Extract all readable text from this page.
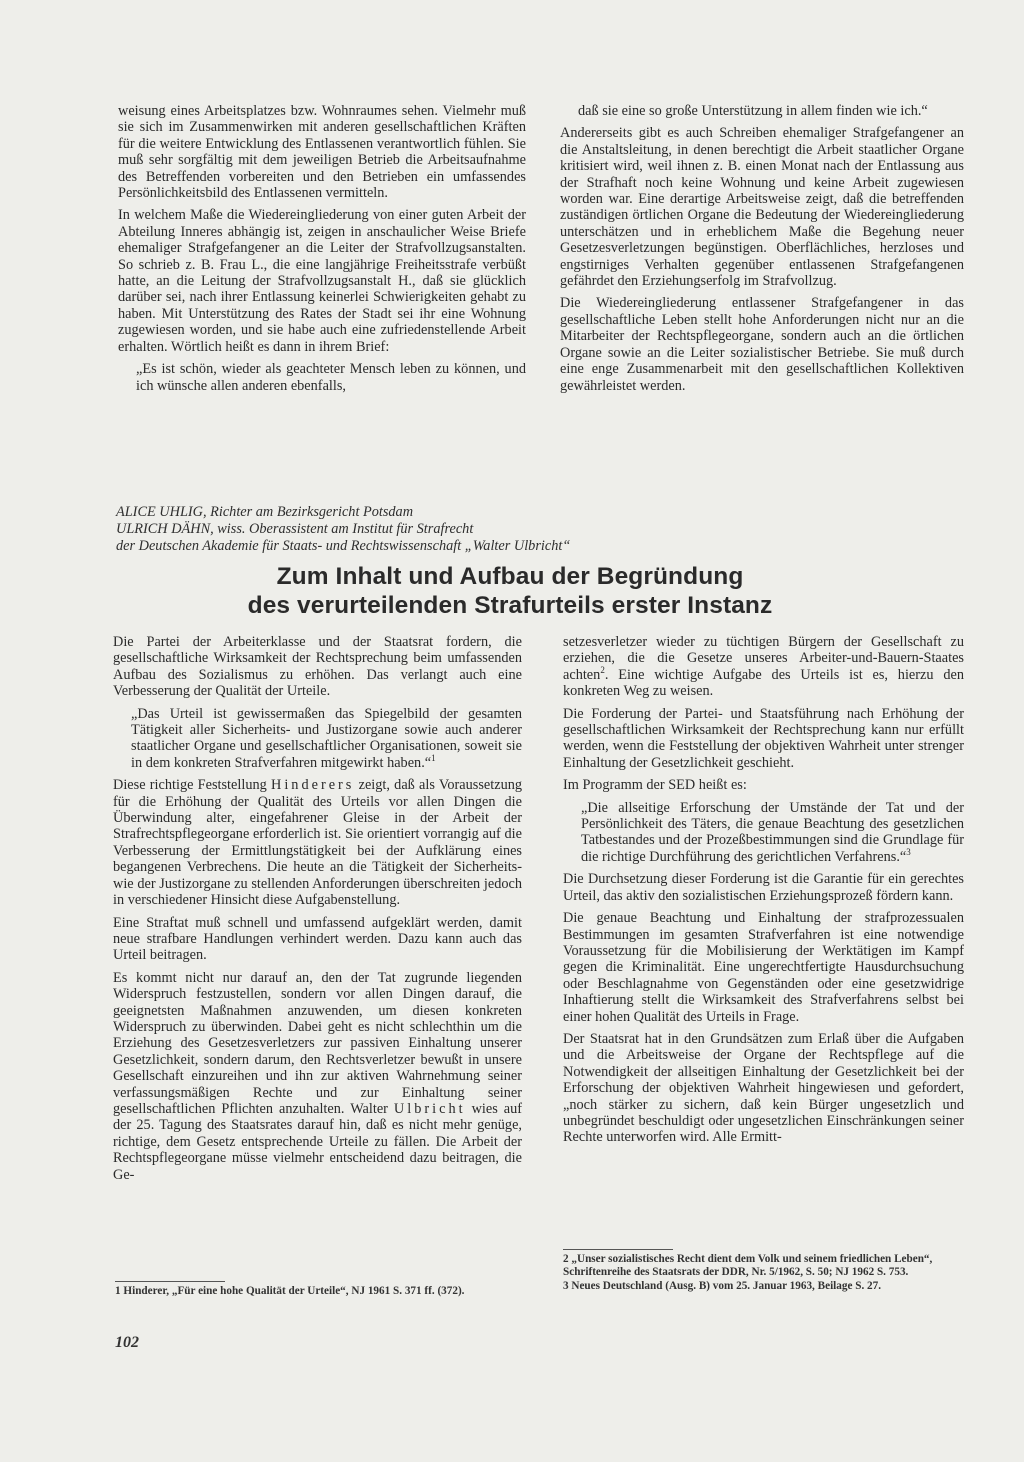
weisung eines Arbeitsplatzes bzw. Wohnraumes sehen. Vielmehr muß sie sich im Zusammenwirken mit anderen gesellschaftlichen Kräften für die weitere Entwicklung des Entlassenen verantwortlich fühlen. Sie muß sehr sorgfältig mit dem jeweiligen Betrieb die Arbeitsaufnahme des Betreffenden vorbereiten und den Betrieben ein umfassendes Persönlichkeitsbild des Entlassenen vermitteln.

In welchem Maße die Wiedereingliederung von einer guten Arbeit der Abteilung Inneres abhängig ist, zeigen in anschaulicher Weise Briefe ehemaliger Strafgefangener an die Leiter der Strafvollzugsanstalten. So schrieb z. B. Frau L., die eine langjährige Freiheitsstrafe verbüßt hatte, an die Leitung der Strafvollzugsanstalt H., daß sie glücklich darüber sei, nach ihrer Entlassung keinerlei Schwierigkeiten gehabt zu haben. Mit Unterstützung des Rates der Stadt sei ihr eine Wohnung zugewiesen worden, und sie habe auch eine zufriedenstellende Arbeit erhalten. Wörtlich heißt es dann in ihrem Brief:

„Es ist schön, wieder als geachteter Mensch leben zu können, und ich wünsche allen anderen ebenfalls,
daß sie eine so große Unterstützung in allem finden wie ich.“

Andererseits gibt es auch Schreiben ehemaliger Strafgefangener an die Anstaltsleitung, in denen berechtigt die Arbeit staatlicher Organe kritisiert wird, weil ihnen z. B. einen Monat nach der Entlassung aus der Strafhaft noch keine Wohnung und keine Arbeit zugewiesen worden war. Eine derartige Arbeitsweise zeigt, daß die betreffenden zuständigen örtlichen Organe die Bedeutung der Wiedereingliederung unterschätzen und in erheblichem Maße die Begehung neuer Gesetzesverletzungen begünstigen. Oberflächliches, herzloses und engstirniges Verhalten gegenüber entlassenen Strafgefangenen gefährdet den Erziehungserfolg im Strafvollzug.

Die Wiedereingliederung entlassener Strafgefangener in das gesellschaftliche Leben stellt hohe Anforderungen nicht nur an die Mitarbeiter der Rechtspflegeorgane, sondern auch an die örtlichen Organe sowie an die Leiter sozialistischer Betriebe. Sie muß durch eine enge Zusammenarbeit mit den gesellschaftlichen Kollektiven gewährleistet werden.

ALICE UHLIG, Richter am Bezirksgericht Potsdam
ULRICH DÄHN, wiss. Oberassistent am Institut für Strafrecht
der Deutschen Akademie für Staats- und Rechtswissenschaft „Walter Ulbricht“
Zum Inhalt und Aufbau der Begründung
des verurteilenden Strafurteils erster Instanz

Die Partei der Arbeiterklasse und der Staatsrat fordern, die gesellschaftliche Wirksamkeit der Rechtsprechung beim umfassenden Aufbau des Sozialismus zu erhöhen. Das verlangt auch eine Verbesserung der Qualität der Urteile.

„Das Urteil ist gewissermaßen das Spiegelbild der gesamten Tätigkeit aller Sicherheits- und Justizorgane sowie auch anderer staatlicher Organe und gesellschaftlicher Organisationen, soweit sie in dem konkreten Strafverfahren mitgewirkt haben.“$^1$

Diese richtige Feststellung Hinderers zeigt, daß als Voraussetzung für die Erhöhung der Qualität des Urteils vor allen Dingen die Überwindung alter, eingefahrener Gleise in der Arbeit der Strafrechtspflegeorgane erforderlich ist. Sie orientiert vorrangig auf die Verbesserung der Ermittlungstätigkeit bei der Aufklärung eines begangenen Verbrechens. Die heute an die Tätigkeit der Sicherheits- wie der Justizorgane zu stellenden Anforderungen überschreiten jedoch in verschiedener Hinsicht diese Aufgabenstellung.

Eine Straftat muß schnell und umfassend aufgeklärt werden, damit neue strafbare Handlungen verhindert werden. Dazu kann auch das Urteil beitragen.

Es kommt nicht nur darauf an, den der Tat zugrunde liegenden Widerspruch festzustellen, sondern vor allen Dingen darauf, die geeignetsten Maßnahmen anzuwenden, um diesen konkreten Widerspruch zu überwinden. Dabei geht es nicht schlechthin um die Erziehung des Gesetzesverletzers zur passiven Einhaltung unserer Gesetzlichkeit, sondern darum, den Rechtsverletzer bewußt in unsere Gesellschaft einzureihen und ihn zur aktiven Wahrnehmung seiner verfassungsmäßigen Rechte und zur Einhaltung seiner gesellschaftlichen Pflichten anzuhalten. Walter Ulbricht wies auf der 25. Tagung des Staatsrates darauf hin, daß es nicht mehr genüge, richtige, dem Gesetz entsprechende Urteile zu fällen. Die Arbeit der Rechtspflegeorgane müsse vielmehr entscheidend dazu beitragen, die Ge-

setzesverletzer wieder zu tüchtigen Bürgern der Gesellschaft zu erziehen, die die Gesetze unseres Arbeiter-und-Bauern-Staates achten$^2$. Eine wichtige Aufgabe des Urteils ist es, hierzu den konkreten Weg zu weisen.

Die Forderung der Partei- und Staatsführung nach Erhöhung der gesellschaftlichen Wirksamkeit der Rechtsprechung kann nur erfüllt werden, wenn die Feststellung der objektiven Wahrheit unter strenger Einhaltung der Gesetzlichkeit geschieht.

Im Programm der SED heißt es:

„Die allseitige Erforschung der Umstände der Tat und der Persönlichkeit des Täters, die genaue Beachtung des gesetzlichen Tatbestandes und der Prozeßbestimmungen sind die Grundlage für die richtige Durchführung des gerichtlichen Verfahrens.“$^3$

Die Durchsetzung dieser Forderung ist die Garantie für ein gerechtes Urteil, das aktiv den sozialistischen Erziehungsprozeß fördern kann.

Die genaue Beachtung und Einhaltung der strafprozessualen Bestimmungen im gesamten Strafverfahren ist eine notwendige Voraussetzung für die Mobilisierung der Werktätigen im Kampf gegen die Kriminalität. Eine ungerechtfertigte Hausdurchsuchung oder Beschlagnahme von Gegenständen oder eine gesetzwidrige Inhaftierung stellt die Wirksamkeit des Strafverfahrens selbst bei einer hohen Qualität des Urteils in Frage.

Der Staatsrat hat in den Grundsätzen zum Erlaß über die Aufgaben und die Arbeitsweise der Organe der Rechtspflege auf die Notwendigkeit der allseitigen Einhaltung der Gesetzlichkeit bei der Erforschung der objektiven Wahrheit hingewiesen und gefordert, „noch stärker zu sichern, daß kein Bürger ungesetzlich und unbegründet beschuldigt oder ungesetzlichen Einschränkungen seiner Rechte unterworfen wird. Alle Ermitt-

1 Hinderer, „Für eine hohe Qualität der Urteile“, NJ 1961 S. 371 ff. (372).

2 „Unser sozialistisches Recht dient dem Volk und seinem friedlichen Leben“, Schriftenreihe des Staatsrats der DDR, Nr. 5/1962, S. 50; NJ 1962 S. 753.

3 Neues Deutschland (Ausg. B) vom 25. Januar 1963, Beilage S. 27.

102
